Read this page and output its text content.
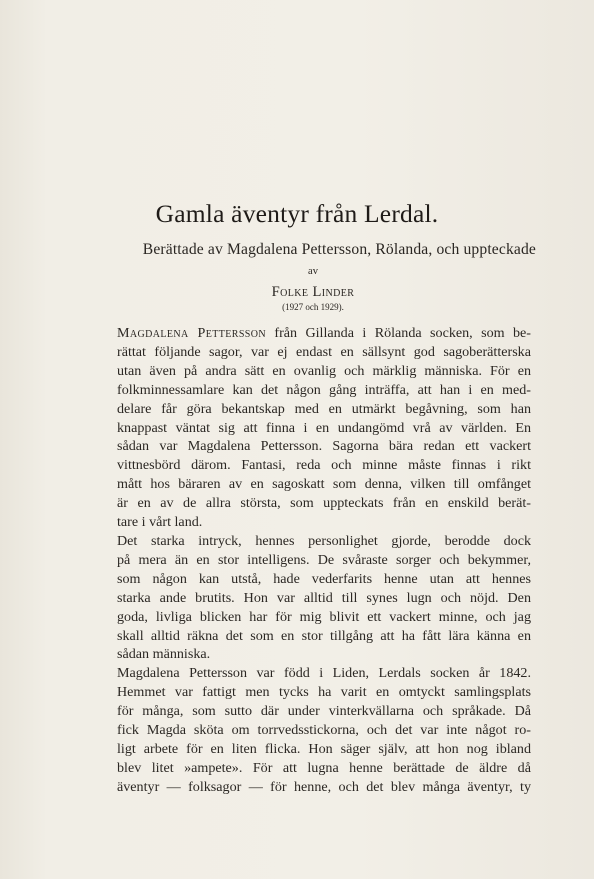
Gamla äventyr från Lerdal.
Berättade av Magdalena Pettersson, Rölanda, och uppteckade
av
Folke Linder
(1927 och 1929).
Magdalena Pettersson från Gillanda i Rölanda socken, som be-
rättat följande sagor, var ej endast en sällsynt god sagoberätterska
utan även på andra sätt en ovanlig och märklig människa. För en
folkminnessamlare kan det någon gång inträffa, att han i en med-
delare får göra bekantskap med en utmärkt begåvning, som han
knappast väntat sig att finna i en undangömd vrå av världen. En
sådan var Magdalena Pettersson. Sagorna bära redan ett vackert
vittnesbörd därom. Fantasi, reda och minne måste finnas i rikt
mått hos bäraren av en sagoskatt som denna, vilken till omfånget
är en av de allra största, som uppteckats från en enskild berät-
tare i vårt land.
Det starka intryck, hennes personlighet gjorde, berodde dock
på mera än en stor intelligens. De svåraste sorger och bekymmer,
som någon kan utstå, hade vederfarits henne utan att hennes
starka ande brutits. Hon var alltid till synes lugn och nöjd. Den
goda, livliga blicken har för mig blivit ett vackert minne, och jag
skall alltid räkna det som en stor tillgång att ha fått lära känna en
sådan människa.
Magdalena Pettersson var född i Liden, Lerdals socken år 1842.
Hemmet var fattigt men tycks ha varit en omtyckt samlingsplats
för många, som sutto där under vinterkvällarna och språkade. Då
fick Magda sköta om torrvedsstickorna, och det var inte något ro-
ligt arbete för en liten flicka. Hon säger själv, att hon nog ibland
blev litet »ampete». För att lugna henne berättade de äldre då
äventyr — folksagor — för henne, och det blev många äventyr, ty
